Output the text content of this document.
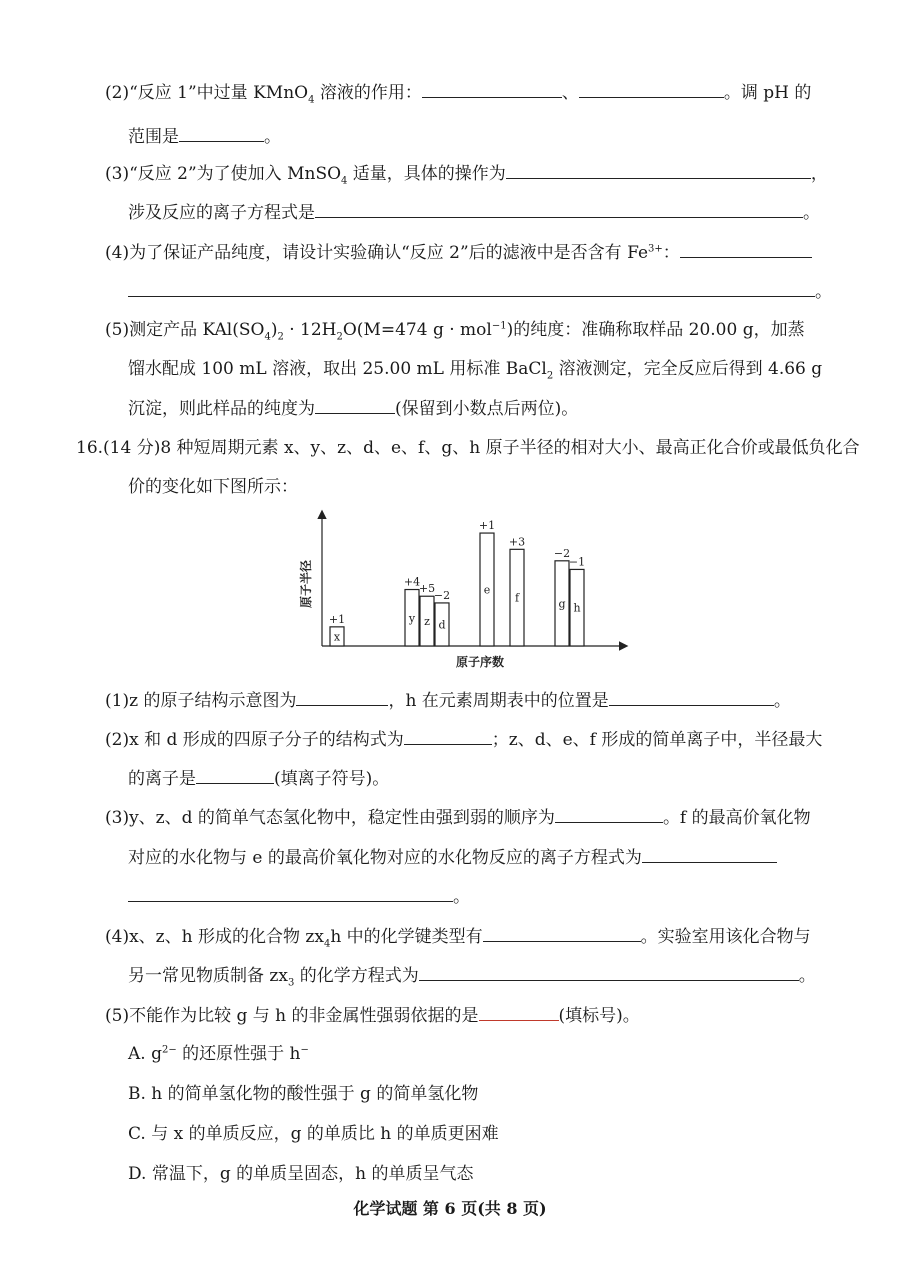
(2)“反应 1”中过量 KMnO$_4$ 溶液的作用：	、	。调 pH 的
范围是	。
(3)“反应 2”为了使加入 MnSO$_4$ 适量，具体的操作为	，
涉及反应的离子方程式是	。
(4)为了保证产品纯度，请设计实验确认“反应 2”后的滤液中是否含有 $Fe^{3+}$：
。
(5)测定产品 $KAl(SO_4)_2 \cdot 12H_2O(M=474$ g · mol$^{-1}$)的纯度：准确称取样品 20.00 g，加蒸
馏水配成 100 mL 溶液，取出 25.00 mL 用标准 BaCl$_2$ 溶液测定，完全反应后得到 4.66 g
沉淀，则此样品的纯度为	(保留到小数点后两位)。
16.(14 分)8 种短周期元素 x、y、z、d、e、f、g、h 原子半径的相对大小、最高正化合价或最低负化合
价的变化如下图所示：
原子半径
原子序数
x
+1	y
+4
z
+5
d
−2	e
+1
f
+3
g
−2
h
−1
(1)z 的原子结构示意图为	，h 在元素周期表中的位置是	。
(2)x 和 d 形成的四原子分子的结构式为	；z、d、e、f 形成的简单离子中，半径最大
的离子是	(填离子符号)。
(3)y、z、d 的简单气态氢化物中，稳定性由强到弱的顺序为	。f 的最高价氧化物
对应的水化物与 e 的最高价氧化物对应的水化物反应的离子方程式为
。
(4)x、z、h 形成的化合物 $zx_4h$ 中的化学键类型有	。实验室用该化合物与
另一常见物质制备 $zx_3$ 的化学方程式为	。
(5)不能作为比较 g 与 h 的非金属性强弱依据的是	(填标号)。
A. $g^{2-}$ 的还原性强于 h−
B. h 的简单氢化物的酸性强于 g 的简单氢化物
C. 与 x 的单质反应，g 的单质比 h 的单质更困难
D. 常温下，g 的单质呈固态，h 的单质呈气态
化学试题 第 6 页(共 8 页)
